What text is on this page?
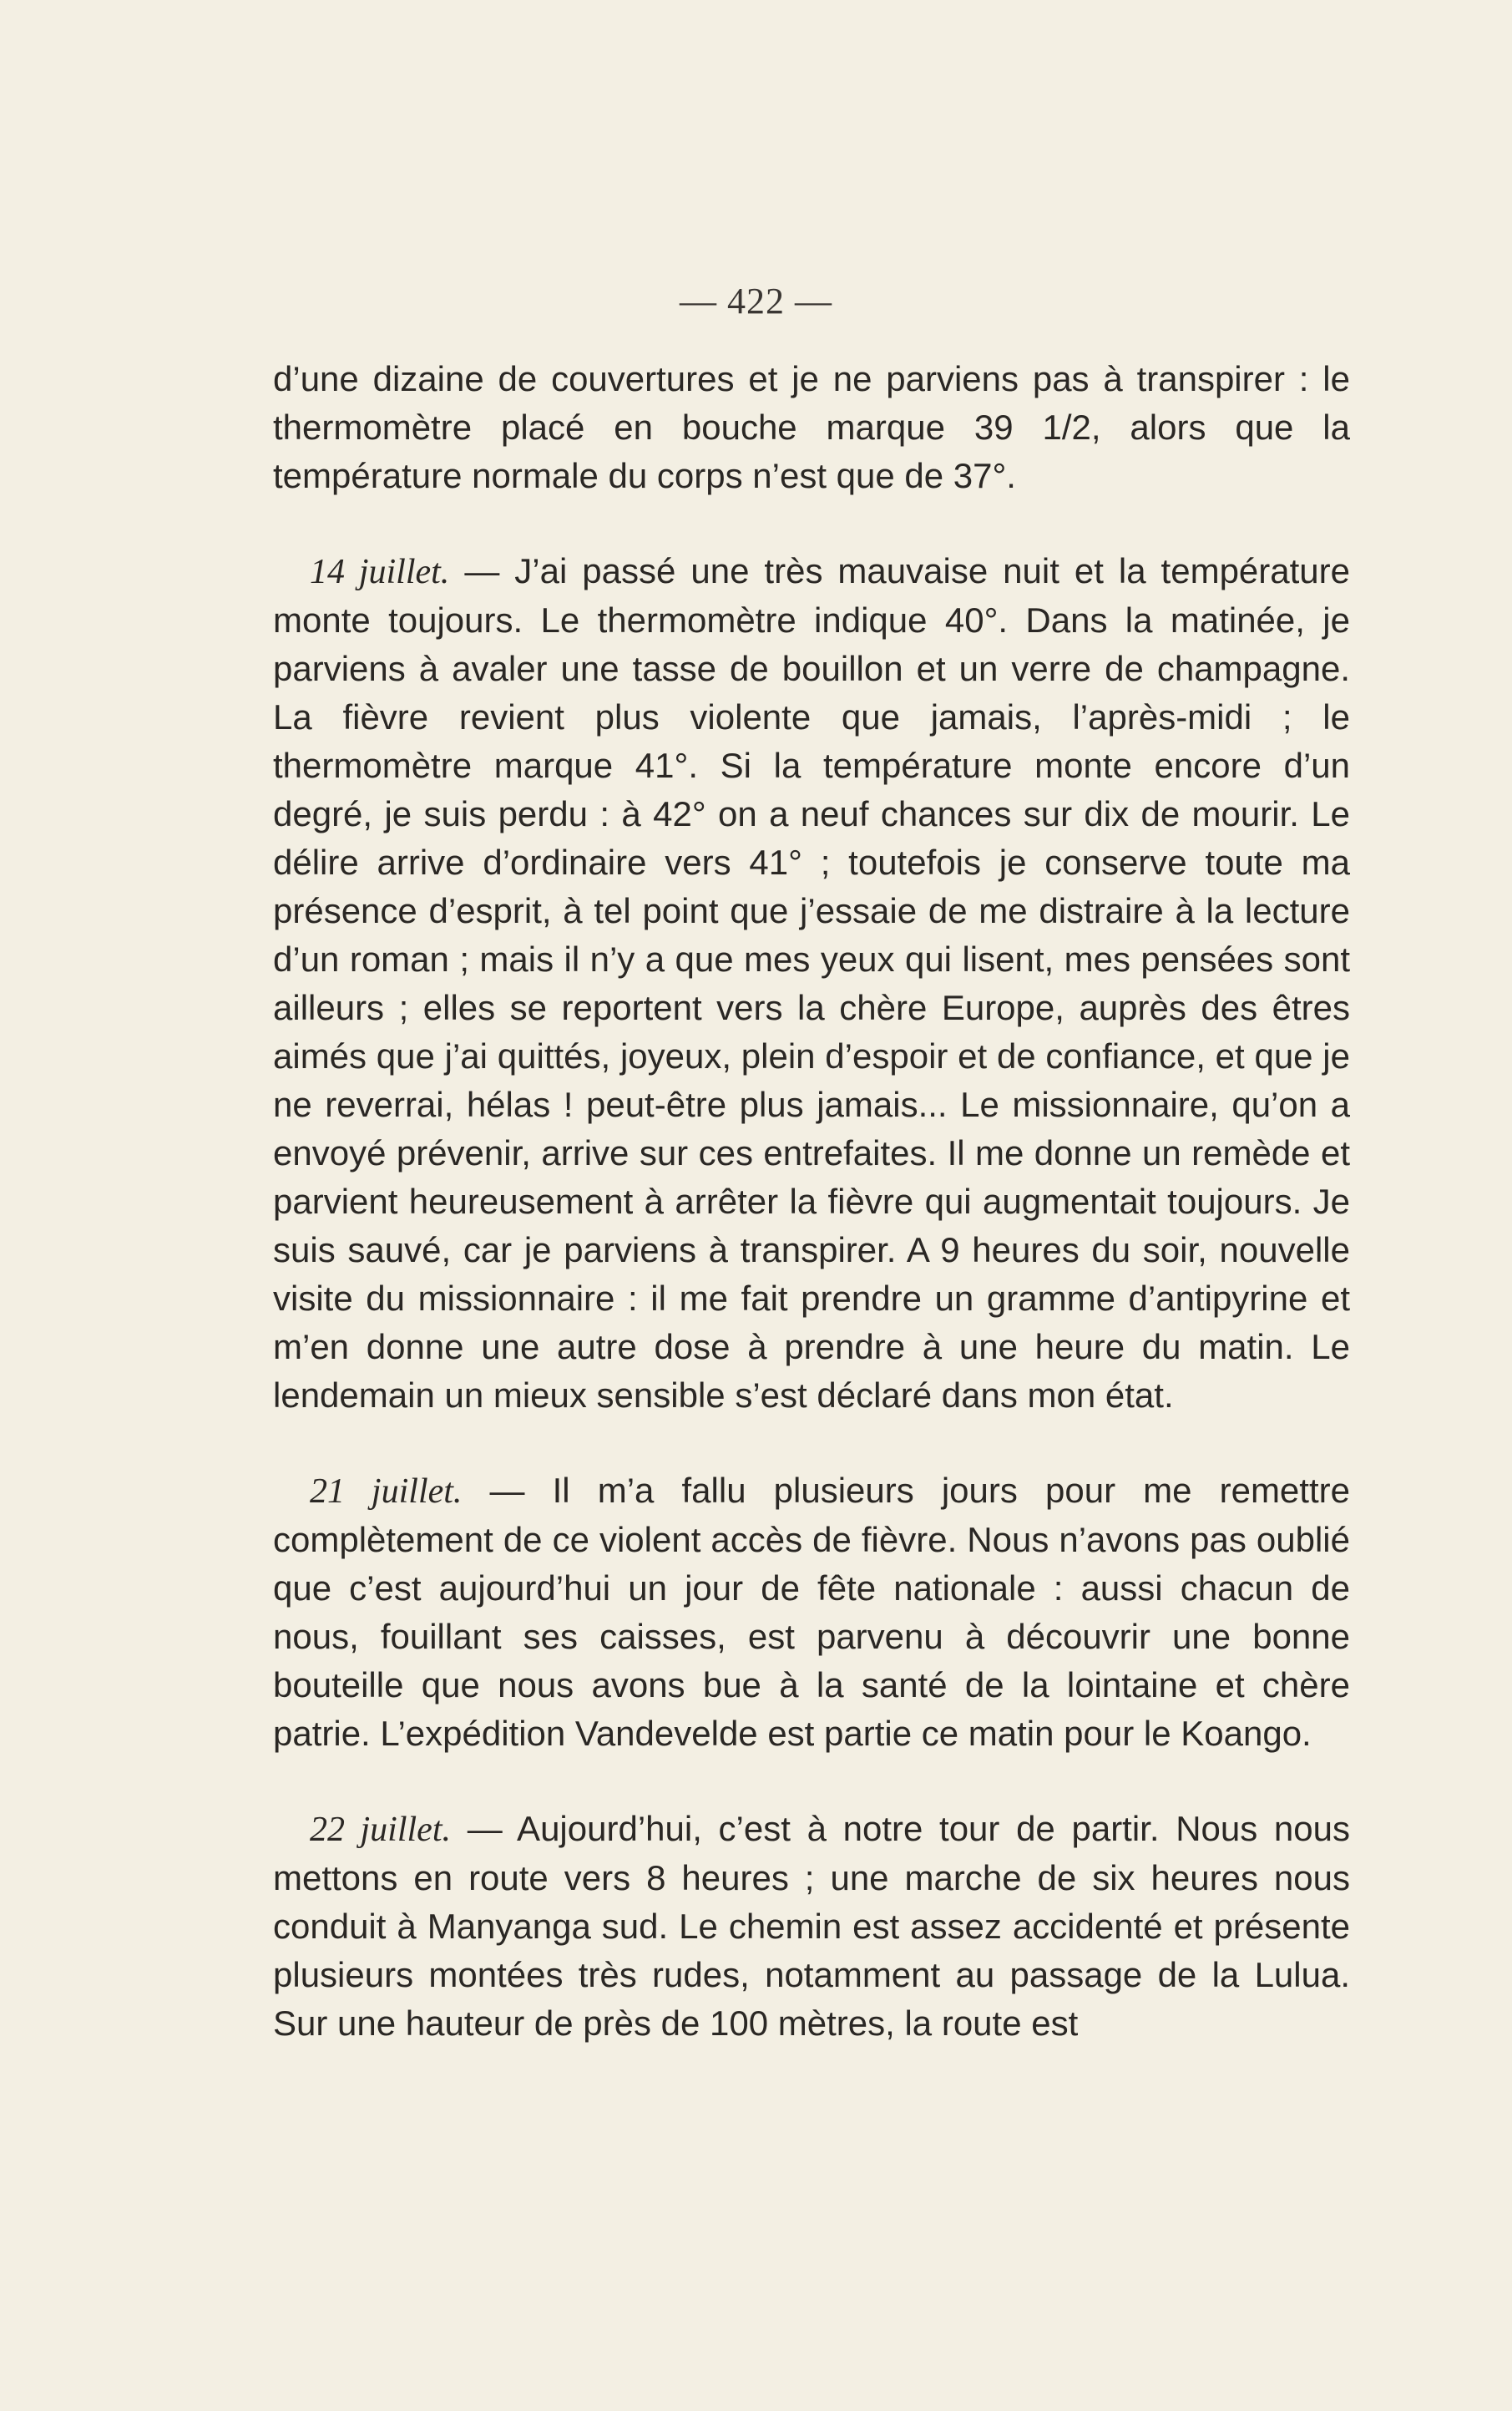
— 422 —

d’une dizaine de couvertures et je ne parviens pas à transpirer : le thermomètre placé en bouche marque 39 1/2, alors que la température normale du corps n’est que de 37°.

14 juillet. — J’ai passé une très mauvaise nuit et la température monte toujours. Le thermomètre indique 40°. Dans la matinée, je parviens à avaler une tasse de bouillon et un verre de champagne. La fièvre revient plus violente que jamais, l’après-midi ; le thermomètre marque 41°. Si la température monte encore d’un degré, je suis perdu : à 42° on a neuf chances sur dix de mourir. Le délire arrive d’ordinaire vers 41° ; toutefois je conserve toute ma présence d’esprit, à tel point que j’essaie de me distraire à la lecture d’un roman ; mais il n’y a que mes yeux qui lisent, mes pensées sont ailleurs ; elles se reportent vers la chère Europe, auprès des êtres aimés que j’ai quittés, joyeux, plein d’espoir et de confiance, et que je ne reverrai, hélas ! peut-être plus jamais... Le missionnaire, qu’on a envoyé prévenir, arrive sur ces entrefaites. Il me donne un remède et parvient heureusement à arrêter la fièvre qui augmentait toujours. Je suis sauvé, car je parviens à transpirer. A 9 heures du soir, nouvelle visite du missionnaire : il me fait prendre un gramme d’antipyrine et m’en donne une autre dose à prendre à une heure du matin. Le lendemain un mieux sensible s’est déclaré dans mon état.

21 juillet. — Il m’a fallu plusieurs jours pour me remettre complètement de ce violent accès de fièvre. Nous n’avons pas oublié que c’est aujourd’hui un jour de fête nationale : aussi chacun de nous, fouillant ses caisses, est parvenu à découvrir une bonne bouteille que nous avons bue à la santé de la lointaine et chère patrie. L’expédition Vandevelde est partie ce matin pour le Koango.

22 juillet. — Aujourd’hui, c’est à notre tour de partir. Nous nous mettons en route vers 8 heures ; une marche de six heures nous conduit à Manyanga sud. Le chemin est assez accidenté et présente plusieurs montées très rudes, notamment au passage de la Lulua. Sur une hauteur de près de 100 mètres, la route est
